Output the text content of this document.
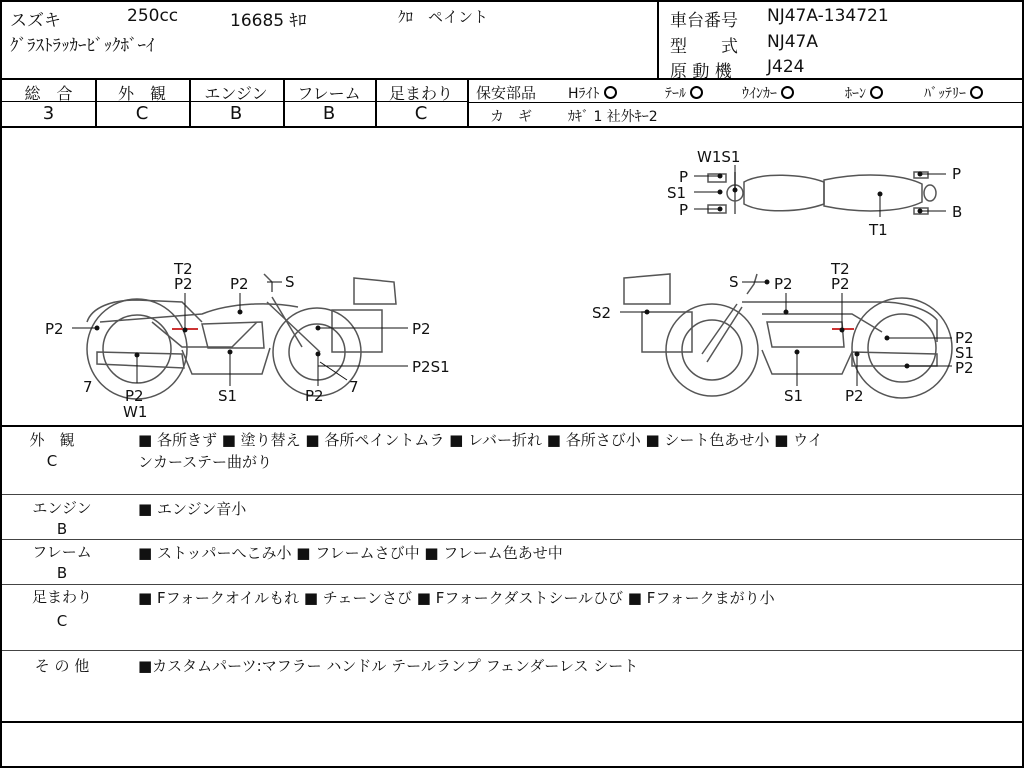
スズキ	250cc	16685 ｷﾛ	ｸﾛ　ペイント
ｸﾞﾗｽﾄﾗｯｶｰﾋﾞｯｸﾎﾞｰｲ
車台番号 NJ47A-134721
型　　式 NJ47A
原 動 機 J424
総　合	外　観	エンジン	フレーム	足まわり
3	C	B	B	C
保安部品 Hﾗｲﾄ	ﾃｰﾙ	ｳｲﾝｶｰ	ﾎｰﾝ	ﾊﾞｯﾃﾘｰ
カ　ギ	ｶｷﾞ 1 社外ｷｰ2
W1S1
P
S1
P
P
B
T1
T2
P2 P2 S
P2	P2
P2S1
7	7
P2
W1
S1	P2
S P2
T2
P2
S2
P2
S1
P2
S1	P2
外　観
C
■ 各所きず ■ 塗り替え ■ 各所ペイントムラ ■ レバー折れ ■ 各所さび小 ■ シート色あせ小 ■ ウイ
ンカーステー曲がり
エンジン
B
■ エンジン音小
フレーム
B
■ ストッパーへこみ小 ■ フレームさび中 ■ フレーム色あせ中
足まわり
C
■ Fフォークオイルもれ ■ チェーンさび ■ Fフォークダストシールひび ■ Fフォークまがり小
そ の 他	■カスタムパーツ:マフラー ハンドル テールランプ フェンダーレス シート
